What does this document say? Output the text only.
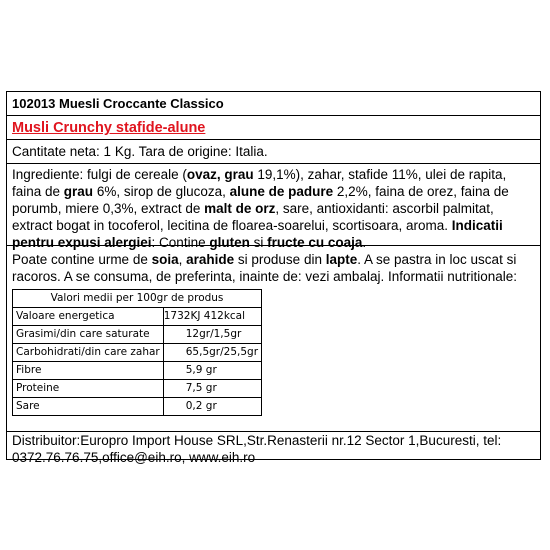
102013 Muesli Croccante Classico
Musli Crunchy stafide-alune
Cantitate neta: 1 Kg. Tara de origine: Italia.
Ingrediente: fulgi de cereale (ovaz, grau 19,1%), zahar, stafide 11%, ulei de rapita, faina de grau 6%, sirop de glucoza, alune de padure 2,2%, faina de orez, faina de porumb, miere 0,3%, extract de malt de orz, sare, antioxidanti: ascorbil palmitat, extract bogat in tocoferol, lecitina de floarea-soarelui, scortisoara, aroma. Indicatii pentru expusi alergiei: Contine gluten si fructe cu coaja.
Poate contine urme de soia, arahide si produse din lapte. A se pastra in loc uscat si racoros. A se consuma, de preferinta, inainte de: vezi ambalaj. Informatii nutritionale:
Valori medii per 100gr de produs	
Valoare energetica	1732KJ 412kcal
Grasimi/din care saturate	12gr/1,5gr
Carbohidrati/din care zahar	65,5gr/25,5gr
Fibre	5,9 gr
Proteine	7,5 gr
Sare	0,2 gr
Distribuitor:Europro Import House SRL,Str.Renasterii nr.12 Sector 1,Bucuresti, tel: 0372.76.76.75,office@eih.ro, www.eih.ro
